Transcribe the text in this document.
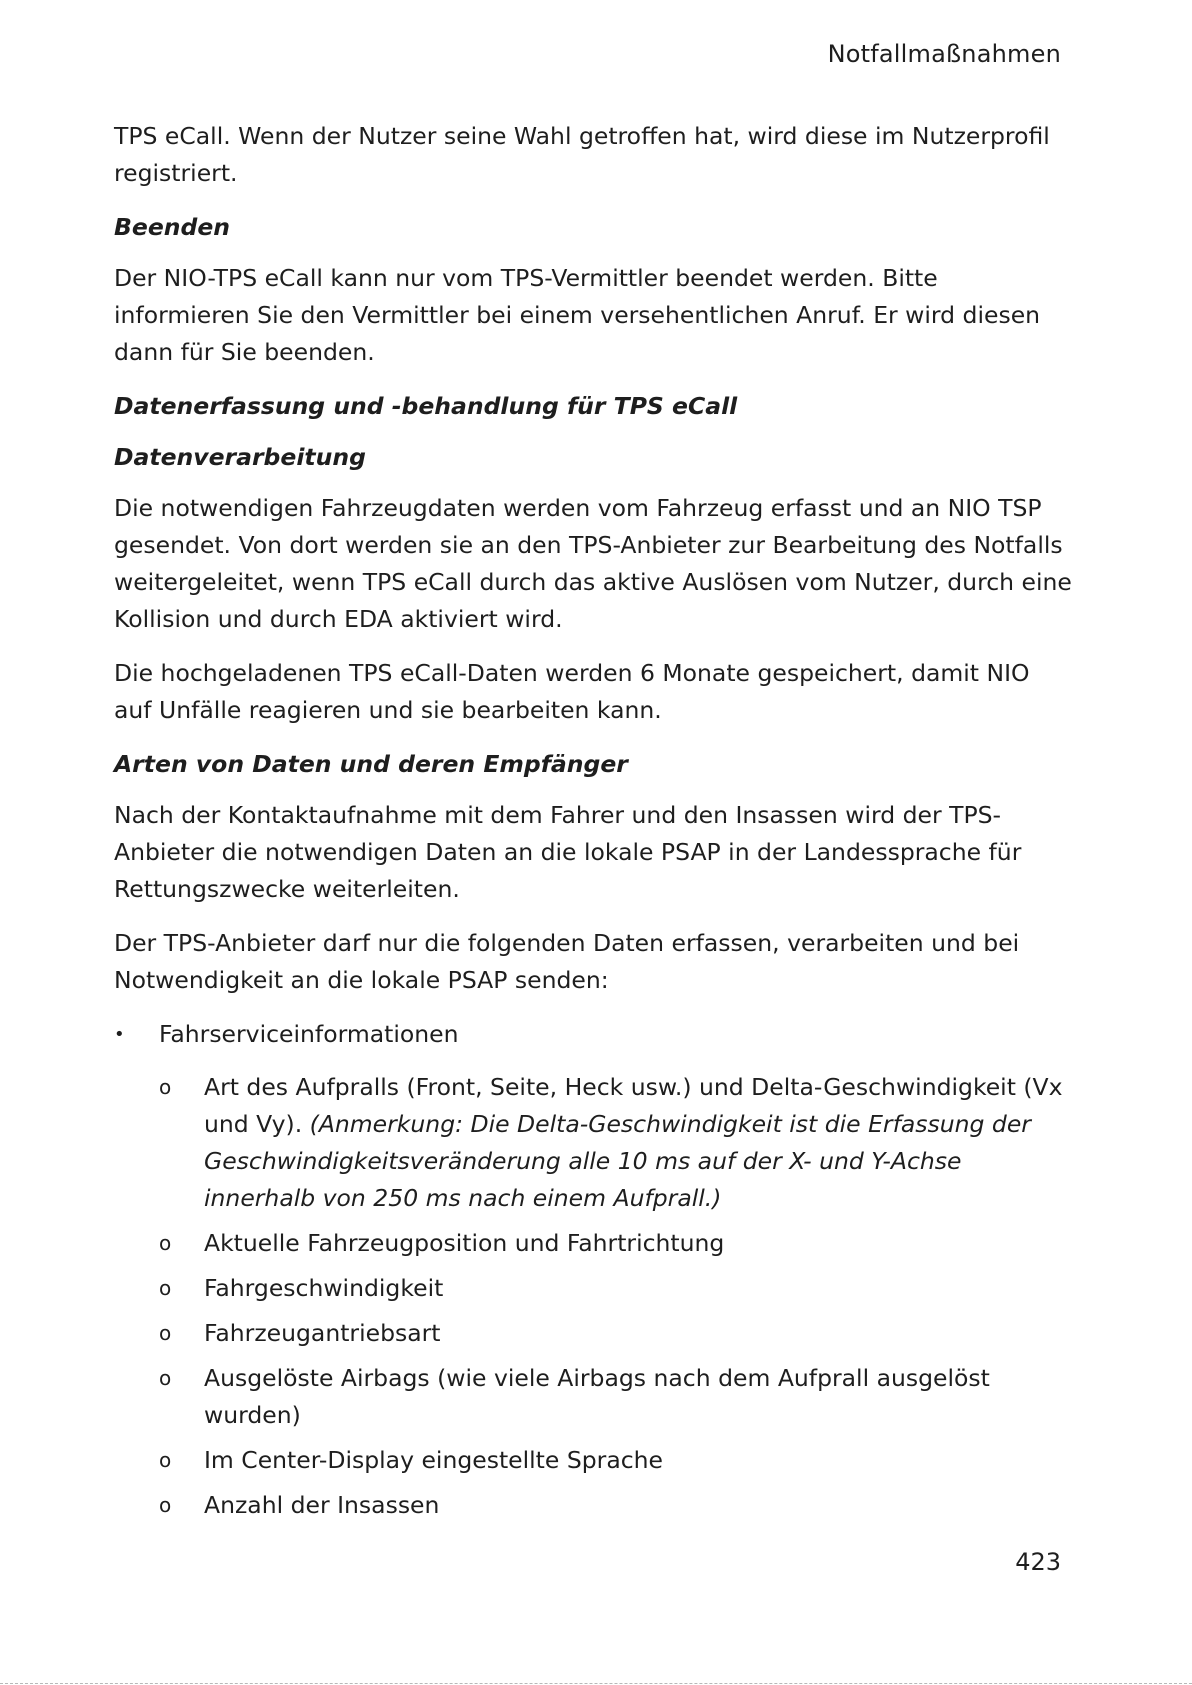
Notfallmaßnahmen

TPS eCall. Wenn der Nutzer seine Wahl getroffen hat, wird diese im Nutzerprofil registriert.

Beenden

Der NIO-TPS eCall kann nur vom TPS-Vermittler beendet werden. Bitte informieren Sie den Vermittler bei einem versehentlichen Anruf. Er wird diesen dann für Sie beenden.

Datenerfassung und -behandlung für TPS eCall
Datenverarbeitung

Die notwendigen Fahrzeugdaten werden vom Fahrzeug erfasst und an NIO TSP gesendet. Von dort werden sie an den TPS-Anbieter zur Bearbeitung des Notfalls weitergeleitet, wenn TPS eCall durch das aktive Auslösen vom Nutzer, durch eine Kollision und durch EDA aktiviert wird.

Die hochgeladenen TPS eCall-Daten werden 6 Monate gespeichert, damit NIO auf Unfälle reagieren und sie bearbeiten kann.

Arten von Daten und deren Empfänger

Nach der Kontaktaufnahme mit dem Fahrer und den Insassen wird der TPS-Anbieter die notwendigen Daten an die lokale PSAP in der Landessprache für Rettungszwecke weiterleiten.

Der TPS-Anbieter darf nur die folgenden Daten erfassen, verarbeiten und bei Notwendigkeit an die lokale PSAP senden:

• Fahrserviceinformationen
o Art des Aufpralls (Front, Seite, Heck usw.) und Delta-Geschwindigkeit (Vx und Vy). (Anmerkung: Die Delta-Geschwindigkeit ist die Erfassung der Geschwindigkeitsveränderung alle 10 ms auf der X- und Y-Achse innerhalb von 250 ms nach einem Aufprall.)
o Aktuelle Fahrzeugposition und Fahrtrichtung
o Fahrgeschwindigkeit
o Fahrzeugantriebsart
o Ausgelöste Airbags (wie viele Airbags nach dem Aufprall ausgelöst wurden)
o Im Center-Display eingestellte Sprache
o Anzahl der Insassen
423
